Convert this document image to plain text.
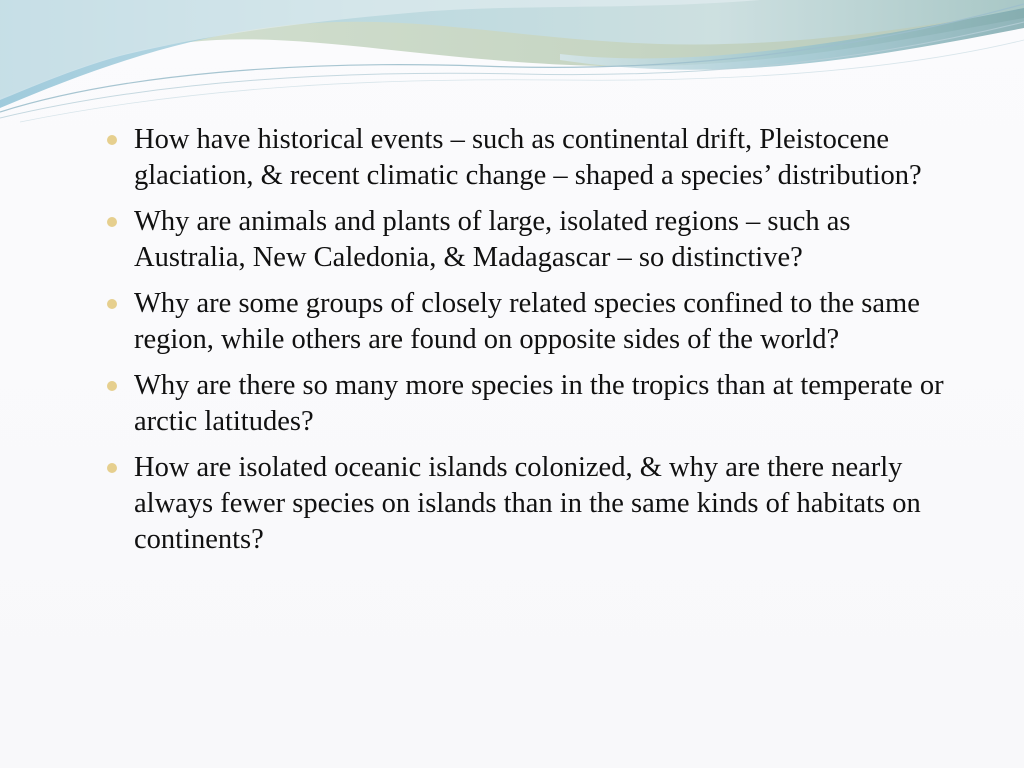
How have historical events – such as continental drift, Pleistocene glaciation, & recent climatic change – shaped a species’ distribution?
Why are animals and plants of large, isolated regions – such as Australia, New Caledonia, & Madagascar – so distinctive?
Why are some groups of closely related species confined to the same region, while others are found on opposite sides of the world?
Why are there so many more species in the tropics than at temperate or arctic latitudes?
How are isolated oceanic islands colonized, & why are there nearly always fewer species on islands than in the same kinds of habitats on continents?
